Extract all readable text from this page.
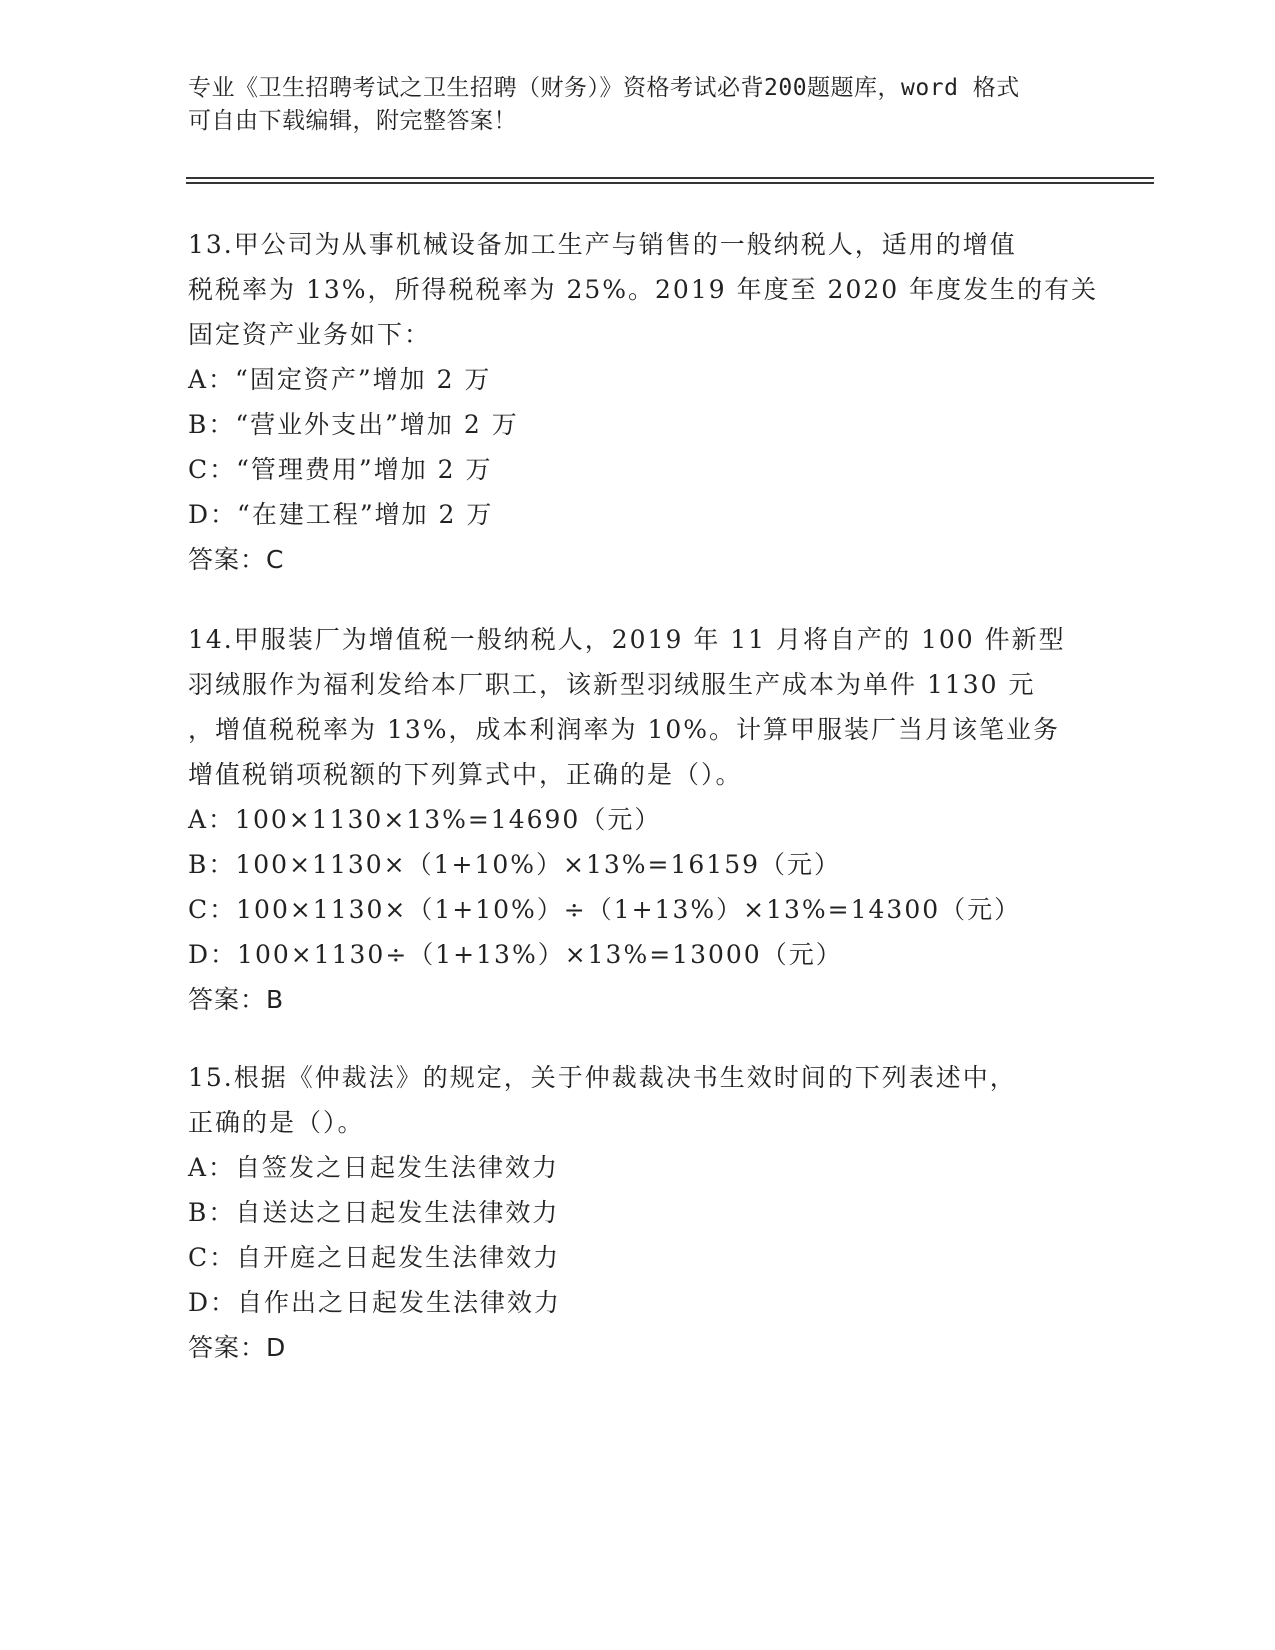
专业《卫生招聘考试之卫生招聘（财务）》资格考试必背200题题库，word 格式
可自由下载编辑，附完整答案！
13.甲公司为从事机械设备加工生产与销售的一般纳税人，适用的增值
税税率为 13%，所得税税率为 25%。2019 年度至 2020 年度发生的有关
固定资产业务如下：
A：“固定资产”增加 2 万
B：“营业外支出”增加 2 万
C：“管理费用”增加 2 万
D：“在建工程”增加 2 万
答案：C
14.甲服装厂为增值税一般纳税人，2019 年 11 月将自产的 100 件新型
羽绒服作为福利发给本厂职工，该新型羽绒服生产成本为单件 1130 元
，增值税税率为 13%，成本利润率为 10%。计算甲服装厂当月该笔业务
增值税销项税额的下列算式中，正确的是（）。
A：100×1130×13%=14690（元）
B：100×1130×（1+10%）×13%=16159（元）
C：100×1130×（1+10%）÷（1+13%）×13%=14300（元）
D：100×1130÷（1+13%）×13%=13000（元）
答案：B
15.根据《仲裁法》的规定，关于仲裁裁决书生效时间的下列表述中，
正确的是（）。
A：自签发之日起发生法律效力
B：自送达之日起发生法律效力
C：自开庭之日起发生法律效力
D：自作出之日起发生法律效力
答案：D
